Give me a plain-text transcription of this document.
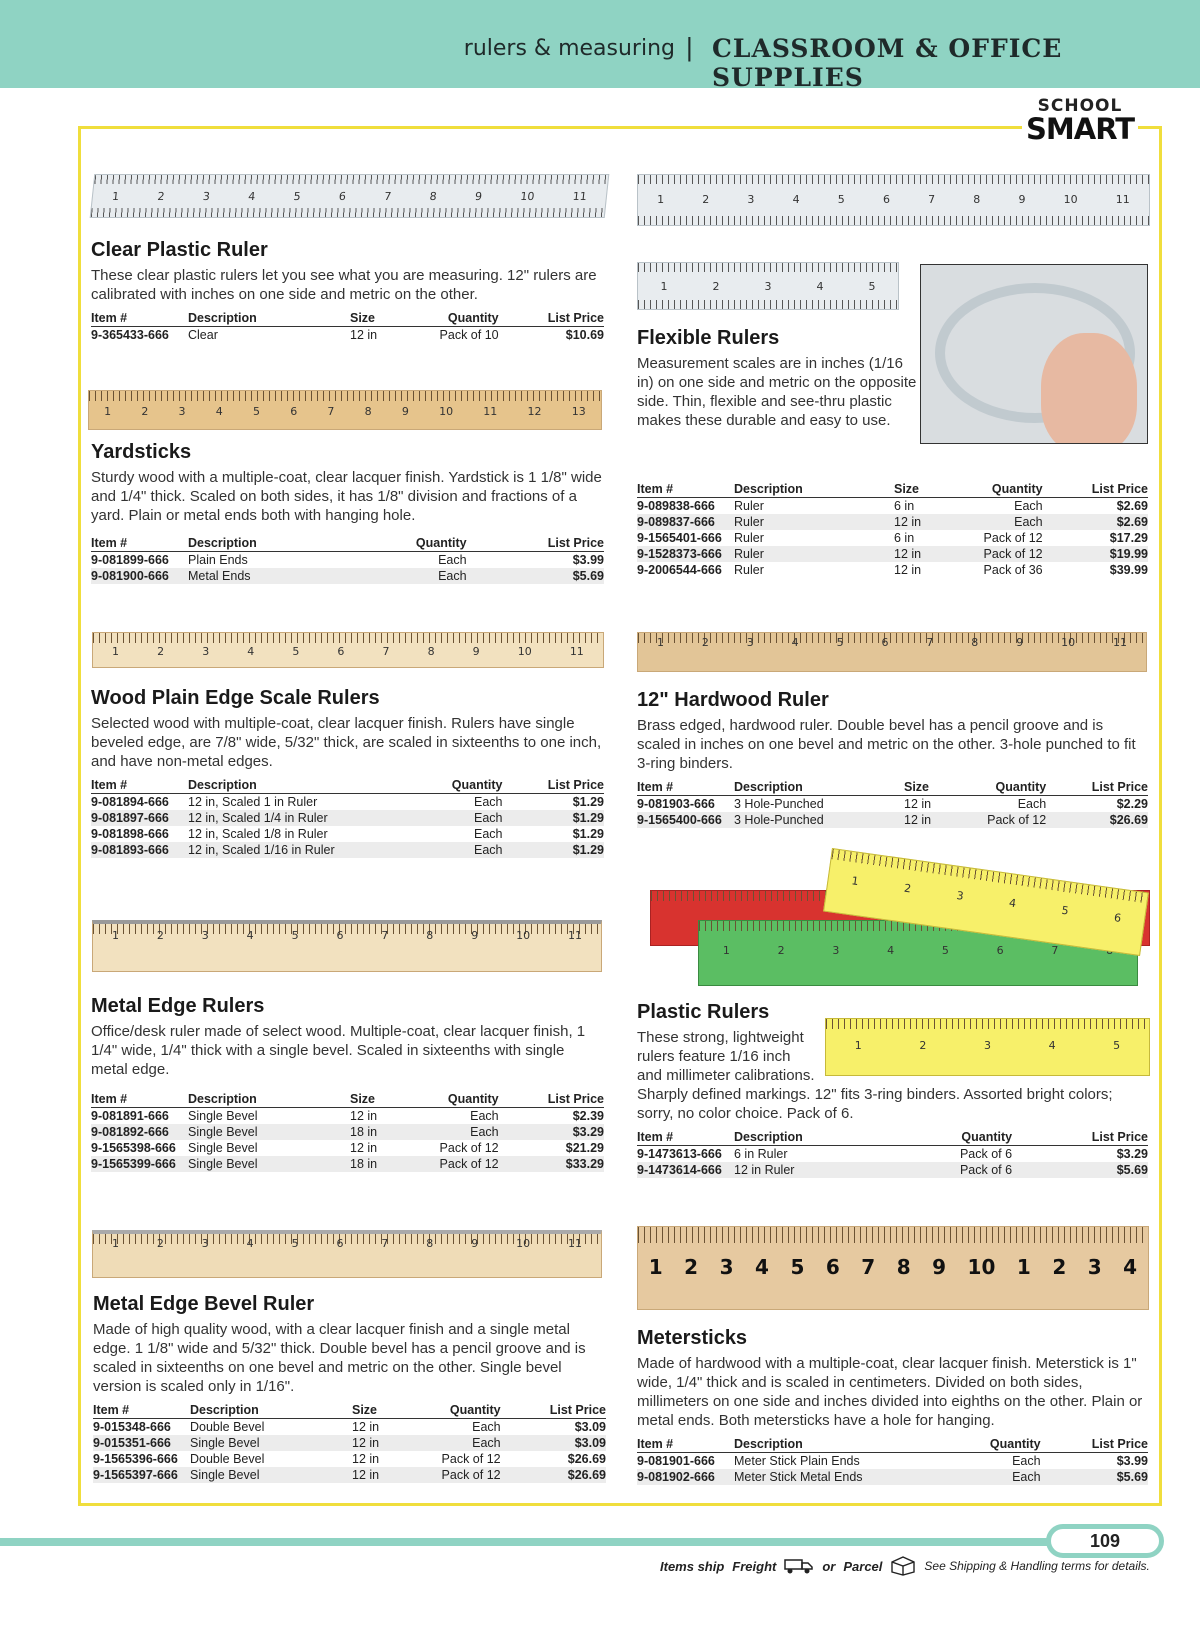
rulers & measuring | CLASSROOM & OFFICE SUPPLIES
SCHOOL
SMART
1	2	3	4	5	6	7	8	9	10	11
Clear Plastic Ruler
These clear plastic rulers let you see what you are measuring. 12" rulers are calibrated with inches on one side and metric on the other.
Item #	Description	Size	Quantity	List Price
9-365433-666	Clear	12 in	Pack of 10	$10.69
1	2	3	4	5	6	7	8	9	10	11	12	13
Yardsticks
Sturdy wood with a multiple-coat, clear lacquer finish. Yardstick is 1 1/8" wide and 1/4" thick. Scaled on both sides, it has 1/8" division and fractions of a yard. Plain or metal ends both with hanging hole.
Item #	Description	Quantity	List Price
9-081899-666	Plain Ends	Each	$3.99
9-081900-666	Metal Ends	Each	$5.69
1	2	3	4	5	6	7	8	9	10	11
Wood Plain Edge Scale Rulers
Selected wood with multiple-coat, clear lacquer finish. Rulers have single beveled edge, are 7/8" wide, 5/32" thick, are scaled in sixteenths to one inch, and have non-metal edges.
Item #	Description	Quantity	List Price
9-081894-666	12 in, Scaled 1 in Ruler	Each	$1.29
9-081897-666	12 in, Scaled 1/4 in Ruler	Each	$1.29
9-081898-666	12 in, Scaled 1/8 in Ruler	Each	$1.29
9-081893-666	12 in, Scaled 1/16 in Ruler	Each	$1.29
1	2	3	4	5	6	7	8	9	10	11
Metal Edge Rulers
Office/desk ruler made of select wood. Multiple-coat, clear lacquer finish, 1 1/4" wide, 1/4" thick with a single bevel. Scaled in sixteenths with single metal edge.
Item #	Description	Size	Quantity	List Price
9-081891-666	Single Bevel	12 in	Each	$2.39
9-081892-666	Single Bevel	18 in	Each	$3.29
9-1565398-666	Single Bevel	12 in	Pack of 12	$21.29
9-1565399-666	Single Bevel	18 in	Pack of 12	$33.29
1	2	3	4	5	6	7	8	9	10	11
Metal Edge Bevel Ruler
Made of high quality wood, with a clear lacquer finish and a single metal edge. 1 1/8" wide and 5/32" thick. Double bevel has a pencil groove and is scaled in sixteenths on one bevel and metric on the other. Single bevel version is scaled only in 1/16".
Item #	Description	Size	Quantity	List Price
9-015348-666	Double Bevel	12 in	Each	$3.09
9-015351-666	Single Bevel	12 in	Each	$3.09
9-1565396-666	Double Bevel	12 in	Pack of 12	$26.69
9-1565397-666	Single Bevel	12 in	Pack of 12	$26.69
1	2	3	4	5	6	7	8	9	10	11
1	2	3	4	5
Flexible Rulers
Measurement scales are in inches (1/16 in) on one side and metric on the opposite side. Thin, flexible and see-thru plastic makes these durable and easy to use.
Item #	Description	Size	Quantity	List Price
9-089838-666	Ruler	6 in	Each	$2.69
9-089837-666	Ruler	12 in	Each	$2.69
9-1565401-666	Ruler	6 in	Pack of 12	$17.29
9-1528373-666	Ruler	12 in	Pack of 12	$19.99
9-2006544-666	Ruler	12 in	Pack of 36	$39.99
1	2	3	4	5	6	7	8	9	10	11
12" Hardwood Ruler
Brass edged, hardwood ruler. Double bevel has a pencil groove and is scaled in inches on one bevel and metric on the other. 3-hole punched to fit 3-ring binders.
Item #	Description	Size	Quantity	List Price
9-081903-666	3 Hole-Punched	12 in	Each	$2.29
9-1565400-666	3 Hole-Punched	12 in	Pack of 12	$26.69
1	2	3	4	5	6	7
1
2
3
4
5
6
1	2	3	4	5
Plastic Rulers
These strong, lightweight rulers feature 1/16 inch and millimeter calibrations.
Sharply defined markings. 12" fits 3-ring binders. Assorted bright colors; sorry, no color choice. Pack of 6.
Item #	Description	Quantity	List Price
9-1473613-666	6 in Ruler	Pack of 6	$3.29
9-1473614-666	12 in Ruler	Pack of 6	$5.69
1 2 3 4 5 6 7 8 9 10 1 2 3 4
Metersticks
Made of hardwood with a multiple-coat, clear lacquer finish. Meterstick is 1" wide, 1/4" thick and is scaled in centimeters. Divided on both sides, millimeters on one side and inches divided into eighths on the other. Plain or metal ends. Both metersticks have a hole for hanging.
Item #	Description	Quantity	List Price
9-081901-666	Meter Stick Plain Ends	Each	$3.99
9-081902-666	Meter Stick Metal Ends	Each	$5.69
109
Items ship Freight	or Parcel	See Shipping & Handling terms for details.
